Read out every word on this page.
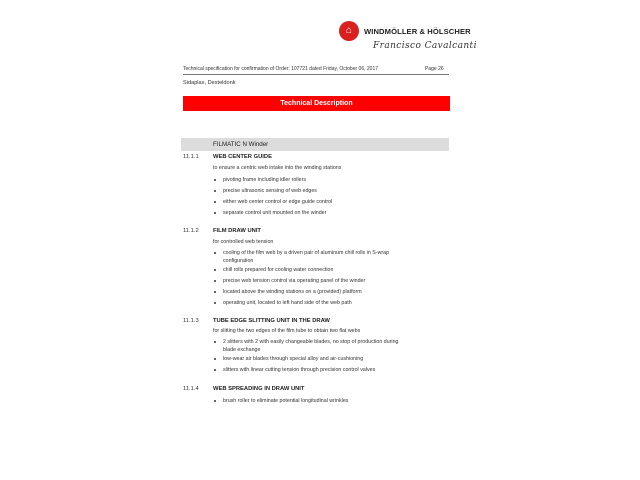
⌂ WINDMÖLLER & HÖLSCHER
Francisco Cavalcanti
Technical specification for confirmation of Order: 107721 dated Friday, October 06, 2017	Page 26
Sidaplax, Desteldonk
Technical Description
FILMATIC N Winder
11.1.1 WEB CENTER GUIDE
to ensure a centric web intake into the winding stations
pivoting frame including idler rollers
precise ultrasonic sensing of web edges
either web center control or edge guide control
separate control unit mounted on the winder
11.1.2 FILM DRAW UNIT
for controlled web tension
cooling of the film web by a driven pair of aluminum chill rolls in S-wrap configuration
chill rolls prepared for cooling water connection
precise web tension control via operating panel of the winder
located above the winding stations on a (provided) platform
operating unit, located to left hand side of the web path
11.1.3 TUBE EDGE SLITTING UNIT IN THE DRAW
for slitting the two edges of the film tube to obtain two flat webs
2 slitters with 2 with easily changeable blades, no stop of production during blade exchange
low-wear air blades through special alloy and air-cushioning
slitters with linear cutting tension through precision control valves
11.1.4 WEB SPREADING IN DRAW UNIT
brush roller to eliminate potential longitudinal wrinkles
